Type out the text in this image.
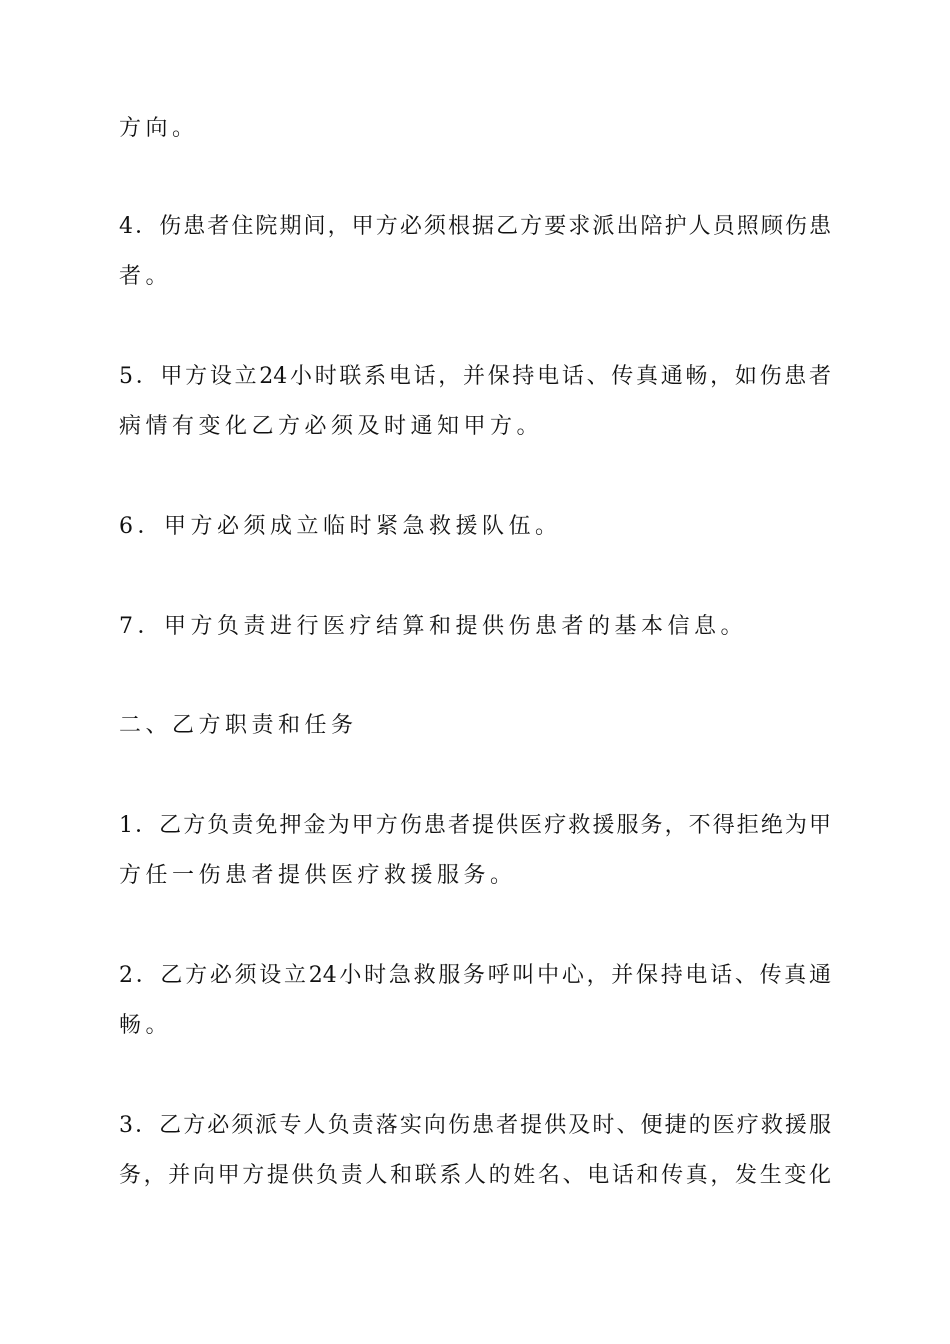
方向。
4．伤患者住院期间，甲方必须根据乙方要求派出陪护人员照顾伤患
者。
5．甲方设立24小时联系电话，并保持电话、传真通畅，如伤患者
病情有变化乙方必须及时通知甲方。
6．甲方必须成立临时紧急救援队伍。
7．甲方负责进行医疗结算和提供伤患者的基本信息。
二、乙方职责和任务
1．乙方负责免押金为甲方伤患者提供医疗救援服务，不得拒绝为甲
方任一伤患者提供医疗救援服务。
2．乙方必须设立24小时急救服务呼叫中心，并保持电话、传真通
畅。
3．乙方必须派专人负责落实向伤患者提供及时、便捷的医疗救援服
务，并向甲方提供负责人和联系人的姓名、电话和传真，发生变化
